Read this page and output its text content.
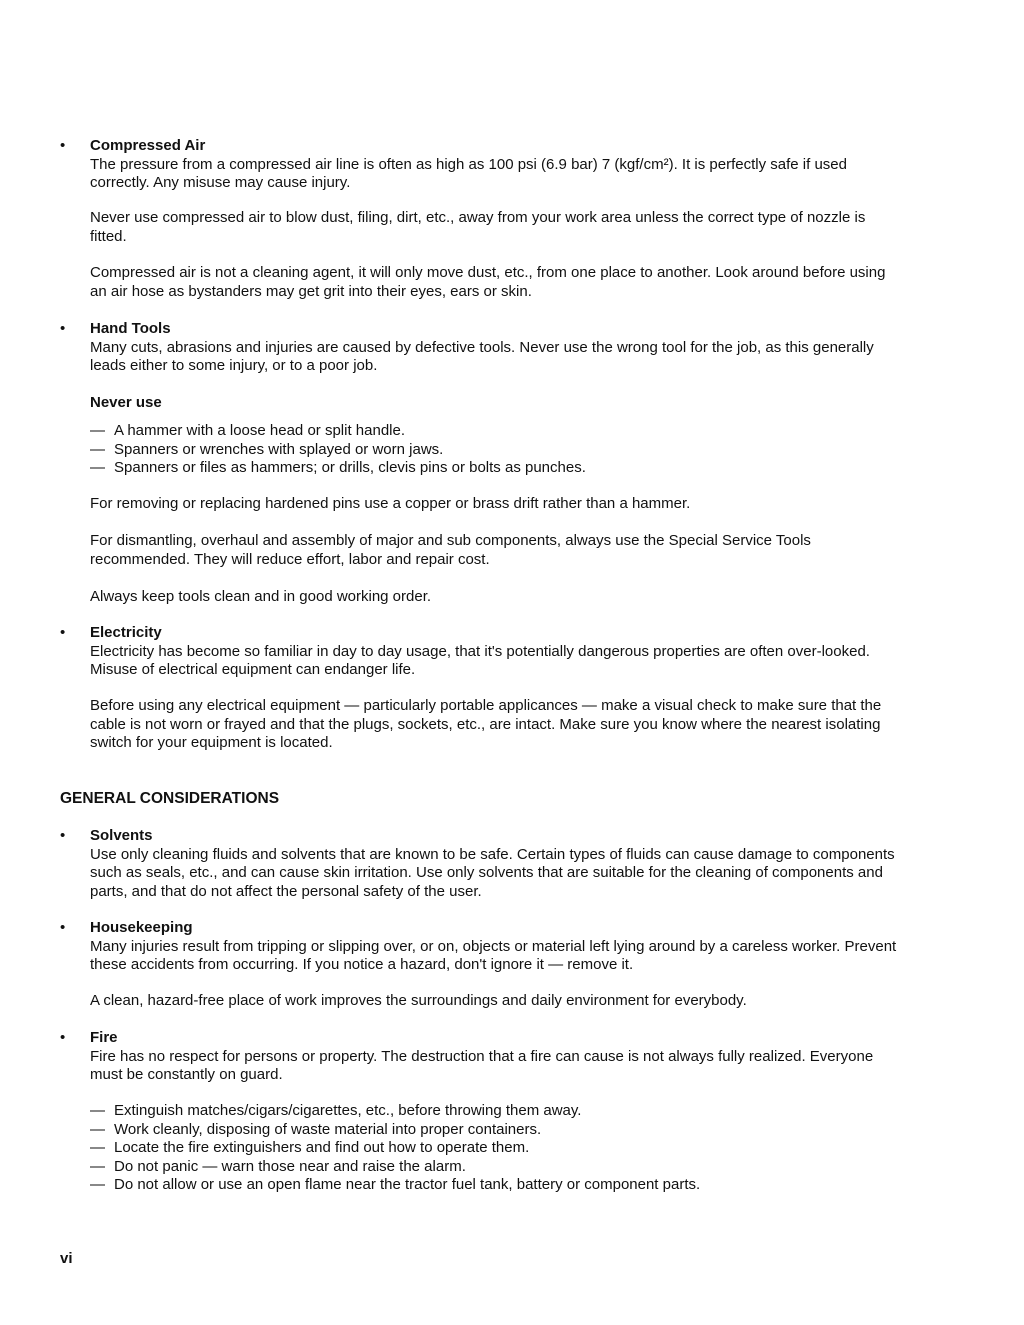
• Compressed Air

The pressure from a compressed air line is often as high as 100 psi (6.9 bar) 7 (kgf/cm²). It is perfectly safe if used correctly. Any misuse may cause injury.

Never use compressed air to blow dust, filing, dirt, etc., away from your work area unless the correct type of nozzle is fitted.

Compressed air is not a cleaning agent, it will only move dust, etc., from one place to another. Look around before using an air hose as bystanders may get grit into their eyes, ears or skin.

• Hand Tools

Many cuts, abrasions and injuries are caused by defective tools. Never use the wrong tool for the job, as this generally leads either to some injury, or to a poor job.

Never use

— A hammer with a loose head or split handle.
— Spanners or wrenches with splayed or worn jaws.
— Spanners or files as hammers; or drills, clevis pins or bolts as punches.

For removing or replacing hardened pins use a copper or brass drift rather than a hammer.

For dismantling, overhaul and assembly of major and sub components, always use the Special Service Tools recommended. They will reduce effort, labor and repair cost.

Always keep tools clean and in good working order.

• Electricity

Electricity has become so familiar in day to day usage, that it's potentially dangerous properties are often over-looked. Misuse of electrical equipment can endanger life.

Before using any electrical equipment — particularly portable applicances — make a visual check to make sure that the cable is not worn or frayed and that the plugs, sockets, etc., are intact. Make sure you know where the nearest isolating switch for your equipment is located.

GENERAL CONSIDERATIONS
• Solvents

Use only cleaning fluids and solvents that are known to be safe. Certain types of fluids can cause damage to components such as seals, etc., and can cause skin irritation. Use only solvents that are suitable for the cleaning of components and parts, and that do not affect the personal safety of the user.

• Housekeeping

Many injuries result from tripping or slipping over, or on, objects or material left lying around by a careless worker. Prevent these accidents from occurring. If you notice a hazard, don't ignore it — remove it.

A clean, hazard-free place of work improves the surroundings and daily environment for everybody.

• Fire

Fire has no respect for persons or property. The destruction that a fire can cause is not always fully realized. Everyone must be constantly on guard.

— Extinguish matches/cigars/cigarettes, etc., before throwing them away.
— Work cleanly, disposing of waste material into proper containers.
— Locate the fire extinguishers and find out how to operate them.
— Do not panic — warn those near and raise the alarm.
— Do not allow or use an open flame near the tractor fuel tank, battery or component parts.
vi
